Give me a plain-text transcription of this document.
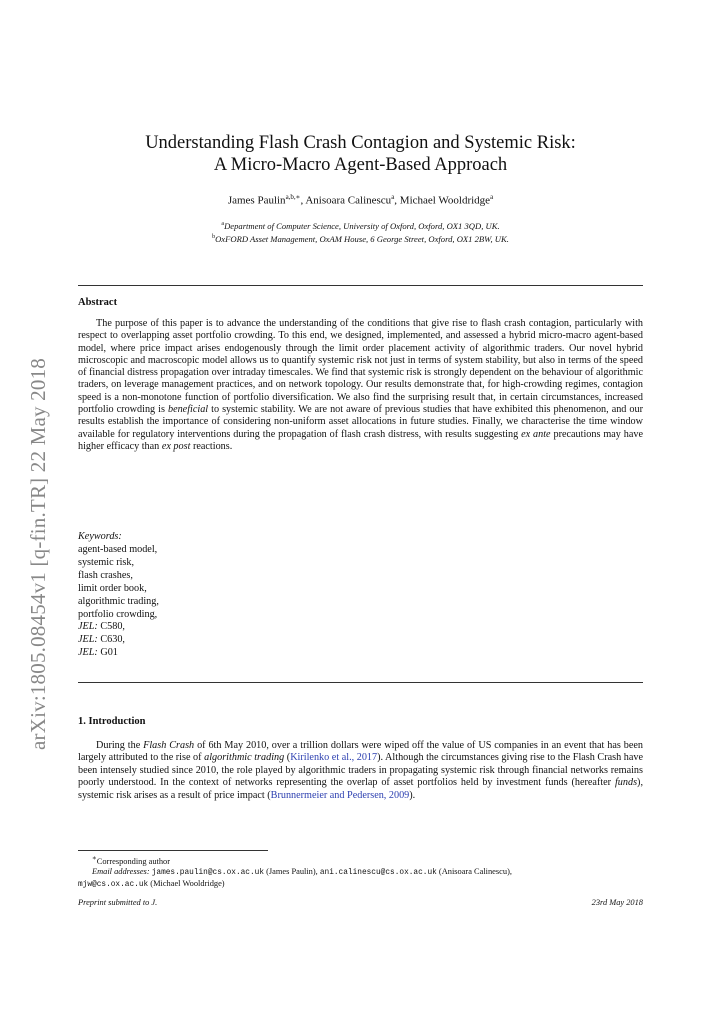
arXiv:1805.08454v1 [q-fin.TR] 22 May 2018
Understanding Flash Crash Contagion and Systemic Risk:
A Micro-Macro Agent-Based Approach
James Paulin$^{a,b,∗}$, Anisoara Calinescu$^a$, Michael Wooldridge$^a$
$^a$Department of Computer Science, University of Oxford, Oxford, OX1 3QD, UK.
$^b$OxFORD Asset Management, OxAM House, 6 George Street, Oxford, OX1 2BW, UK.
Abstract

The purpose of this paper is to advance the understanding of the conditions that give rise to flash crash contagion, particularly with respect to overlapping asset portfolio crowding. To this end, we designed, implemented, and assessed a hybrid micro-macro agent-based model, where price impact arises endogenously through the limit order placement activity of algorithmic traders. Our novel hybrid microscopic and macroscopic model allows us to quantify systemic risk not just in terms of system stability, but also in terms of the speed of financial distress propagation over intraday timescales. We find that systemic risk is strongly dependent on the behaviour of algorithmic traders, on leverage management practices, and on network topology. Our results demonstrate that, for high-crowding regimes, contagion speed is a non-monotone function of portfolio diversification. We also find the surprising result that, in certain circumstances, increased portfolio crowding is beneficial to systemic stability. We are not aware of previous studies that have exhibited this phenomenon, and our results establish the importance of considering non-uniform asset allocations in future studies. Finally, we characterise the time window available for regulatory interventions during the propagation of flash crash distress, with results suggesting ex ante precautions may have higher efficacy than ex post reactions.

Keywords:
agent-based model,
systemic risk,
flash crashes,
limit order book,
algorithmic trading,
portfolio crowding,
JEL: C580,
JEL: C630,
JEL: G01
1. Introduction

During the Flash Crash of 6th May 2010, over a trillion dollars were wiped off the value of US companies in an event that has been largely attributed to the rise of algorithmic trading (Kirilenko et al., 2017). Although the circumstances giving rise to the Flash Crash have been intensely studied since 2010, the role played by algorithmic traders in propagating systemic risk through financial networks remains poorly understood. In the context of networks representing the overlap of asset portfolios held by investment funds (hereafter funds), systemic risk arises as a result of price impact (Brunnermeier and Pedersen, 2009).

∗Corresponding author
Email addresses: james.paulin@cs.ox.ac.uk (James Paulin), ani.calinescu@cs.ox.ac.uk (Anisoara Calinescu),
mjw@cs.ox.ac.uk (Michael Wooldridge)
Preprint submitted to J.	23rd May 2018
